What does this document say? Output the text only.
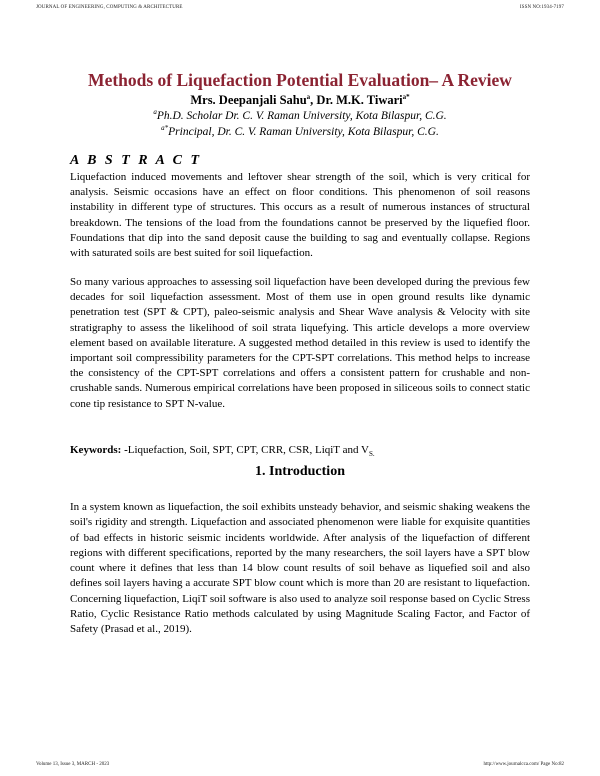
JOURNAL OF ENGINEERING, COMPUTING & ARCHITECTURE	ISSN NO:1934-7197
Methods of Liquefaction Potential Evaluation– A Review
Mrs. Deepanjali Sahu$^a$, Dr. M.K. Tiwari$^{a*}$
$^a$Ph.D. Scholar Dr. C. V. Raman University, Kota Bilaspur, C.G.
$^{a*}$Principal, Dr. C. V. Raman University, Kota Bilaspur, C.G.
A B S T R A C T

Liquefaction induced movements and leftover shear strength of the soil, which is very critical for analysis. Seismic occasions have an effect on floor conditions. This phenomenon of soil reasons instability in different type of structures. This occurs as a result of numerous instances of structural breakdown. The tensions of the load from the foundations cannot be preserved by the liquefied floor. Foundations that dip into the sand deposit cause the building to sag and eventually collapse. Regions with saturated soils are best suited for soil liquefaction.

So many various approaches to assessing soil liquefaction have been developed during the previous few decades for soil liquefaction assessment. Most of them use in open ground results like dynamic penetration test (SPT & CPT), paleo-seismic analysis and Shear Wave analysis & Velocity with site stratigraphy to assess the likelihood of soil strata liquefying. This article develops a more overview element based on available literature. A suggested method detailed in this review is used to identify the important soil compressibility parameters for the CPT-SPT correlations. This method helps to increase the consistency of the CPT-SPT correlations and offers a consistent pattern for crushable and non-crushable sands. Numerous empirical correlations have been proposed in siliceous soils to connect static cone tip resistance to SPT N-value.

Keywords: -Liquefaction, Soil, SPT, CPT, CRR, CSR, LiqiT and $V_{S.}$
1. Introduction

In a system known as liquefaction, the soil exhibits unsteady behavior, and seismic shaking weakens the soil's rigidity and strength. Liquefaction and associated phenomenon were liable for exquisite quantities of bad effects in historic seismic incidents worldwide. After analysis of the liquefaction of different regions with different specifications, reported by the many researchers, the soil layers have a SPT blow count where it defines that less than 14 blow count results of soil behave as liquefied soil and also defines soil layers having a accurate SPT blow count which is more than 20 are resistant to liquefaction. Concerning liquefaction, LiqiT soil software is also used to analyze soil response based on Cyclic Stress Ratio, Cyclic Resistance Ratio methods calculated by using Magnitude Scaling Factor, and Factor of Safety (Prasad et al., 2019).

Volume 13, Issue 3, MARCH - 2023	http://www.journalcca.com/ Page No:82
